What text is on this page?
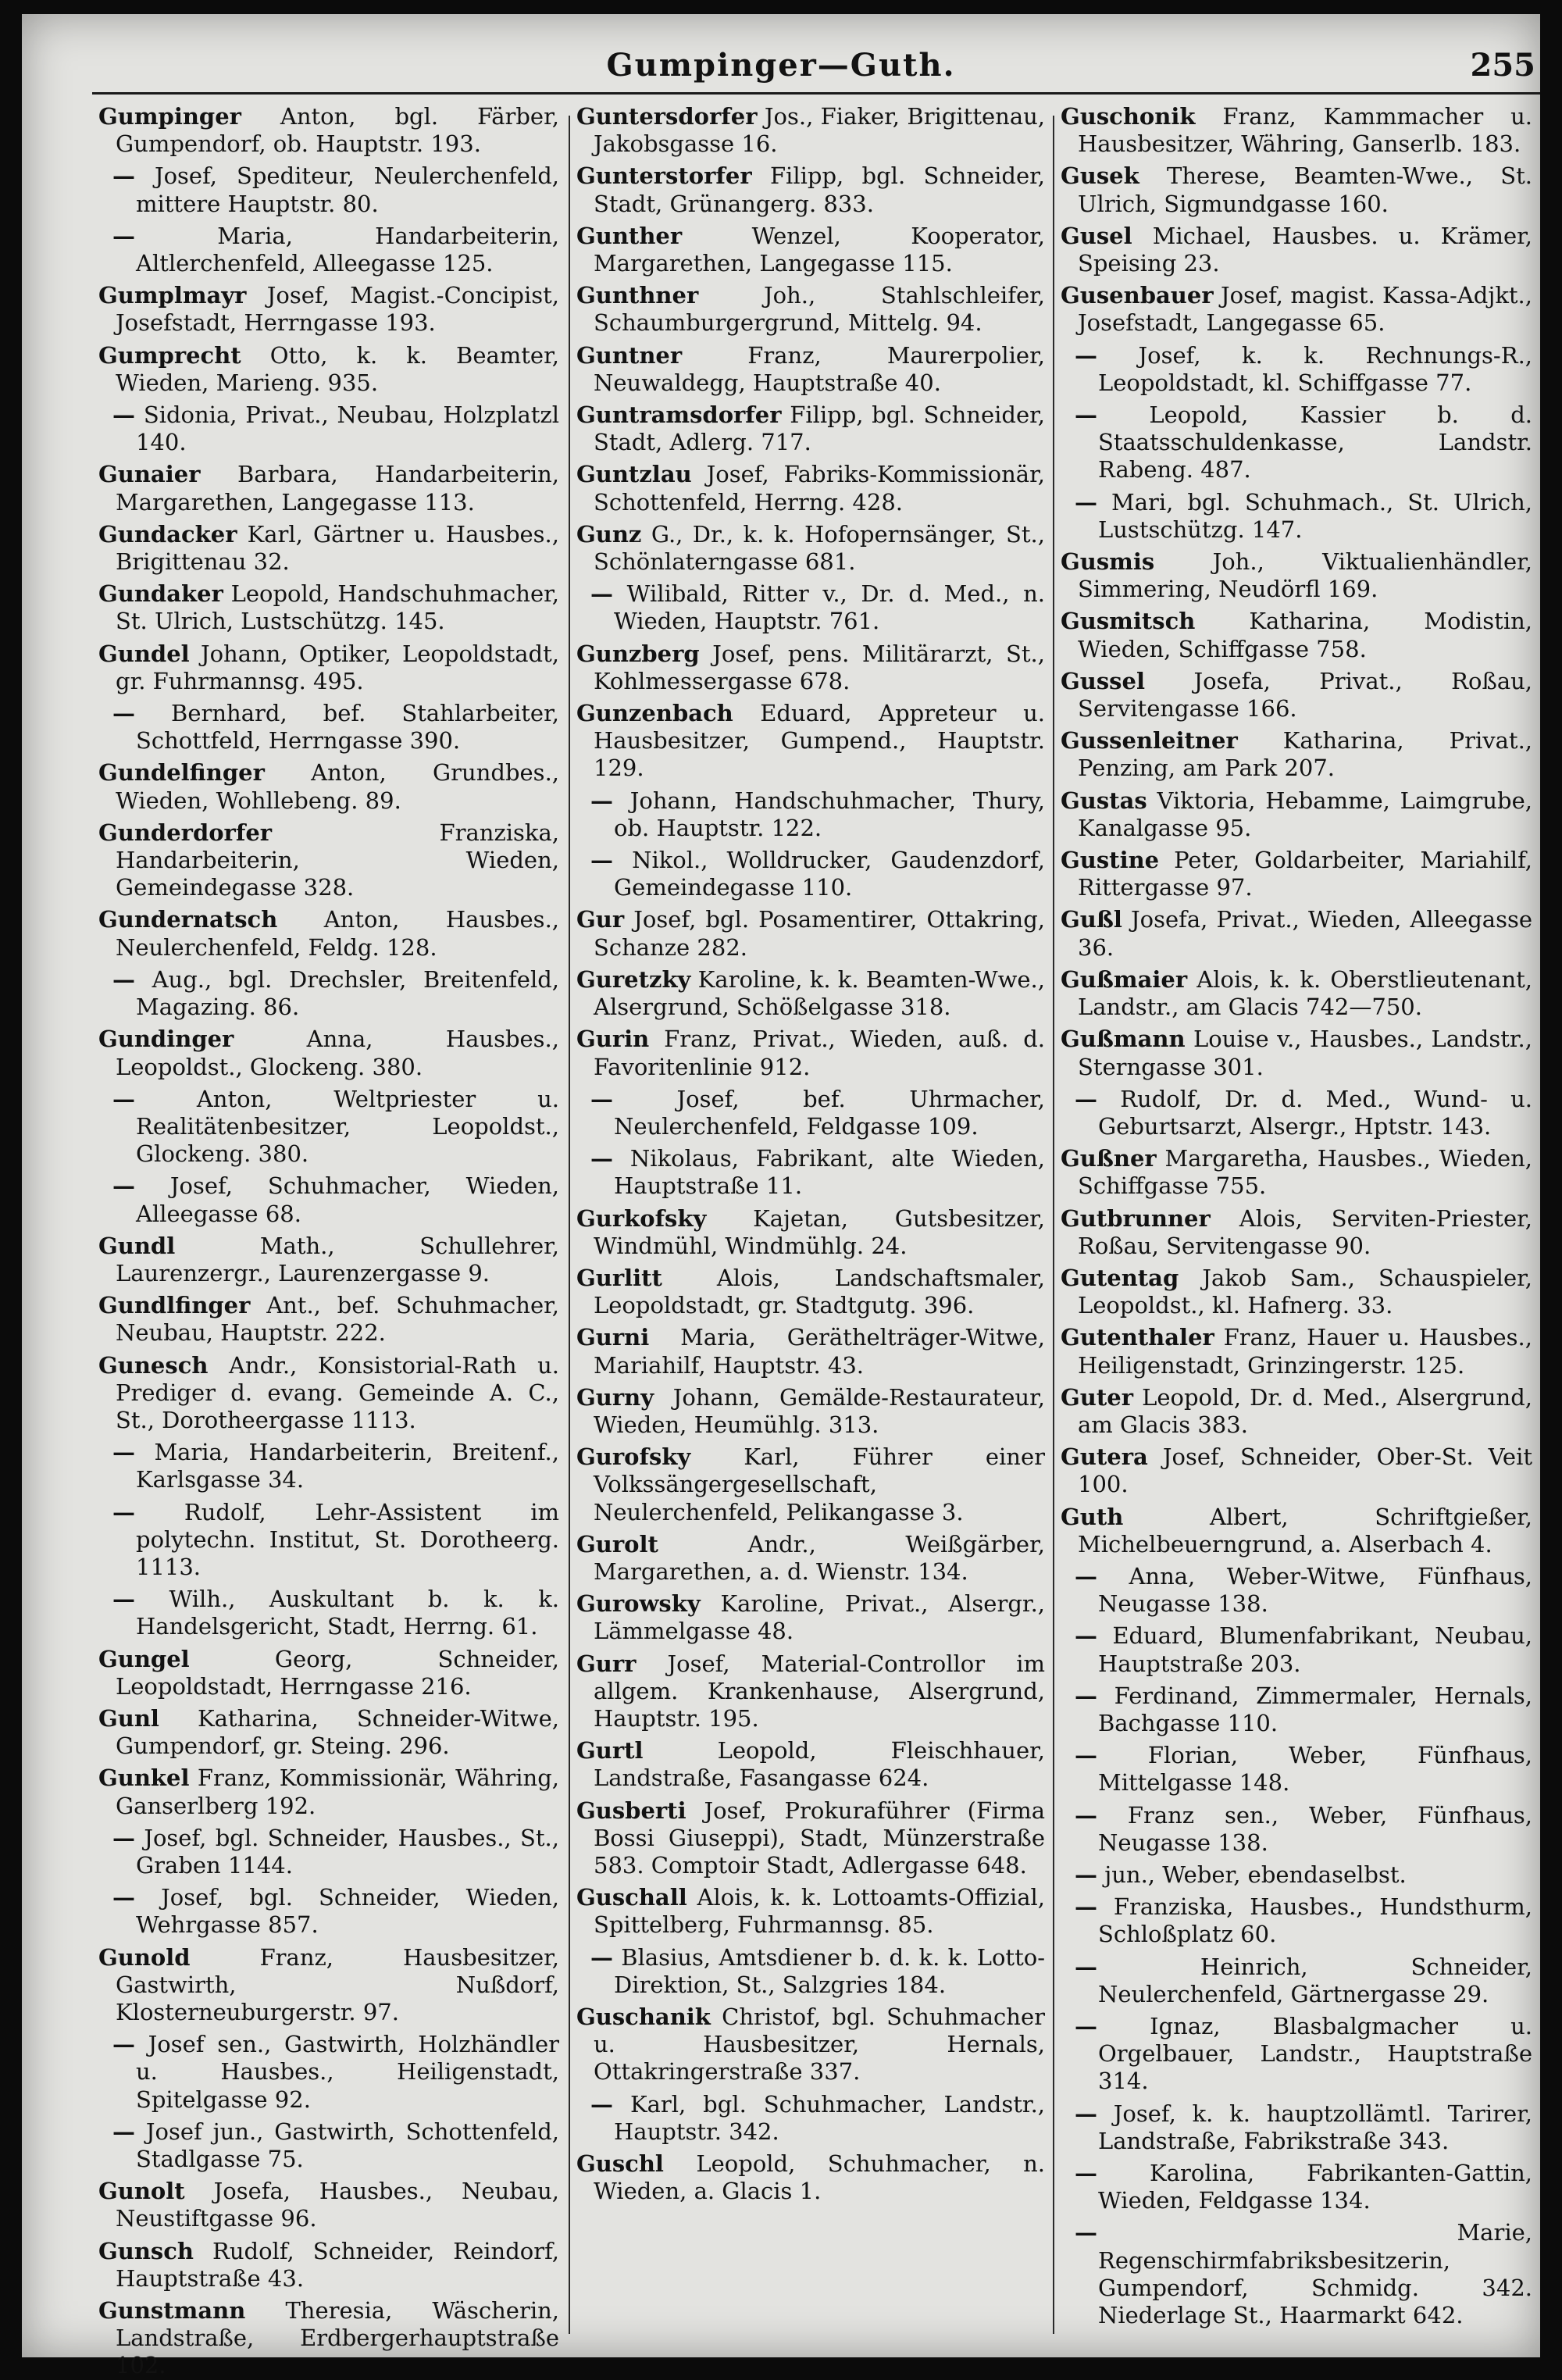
Gumpinger—Guth.	255
Gumpinger Anton, bgl. Färber, Gumpendorf, ob. Hauptstr. 193.
— Josef, Spediteur, Neulerchenfeld, mittere Hauptstr. 80.
—	Maria, Handarbeiterin, Altlerchenfeld, Alleegasse 125.
Gumplmayr Josef, Magist.-Concipist, Josefstadt, Herrngasse 193.
Gumprecht Otto, k. k. Beamter, Wieden, Marieng. 935.
— Sidonia, Privat., Neubau, Holzplatzl 140.
Gunaier Barbara, Handarbeiterin, Margarethen, Langegasse 113.
Gundacker Karl, Gärtner u. Hausbes., Brigittenau 32.
Gundaker Leopold, Handschuhmacher, St. Ulrich, Lustschützg. 145.
Gundel Johann, Optiker, Leopoldstadt, gr. Fuhrmannsg. 495.
— Bernhard, bef. Stahlarbeiter, Schottfeld, Herrngasse 390.
Gundelfinger Anton, Grundbes., Wieden, Wohllebeng. 89.
Gunderdorfer	Franziska, Handarbeiterin, Wieden, Gemeindegasse 328.
Gundernatsch Anton, Hausbes., Neulerchenfeld, Feldg. 128.
— Aug., bgl. Drechsler, Breitenfeld, Magazing. 86.
Gundinger	Anna, Hausbes., Leopoldst., Glockeng. 380.
—	Anton, Weltpriester u. Realitätenbesitzer, Leopoldst., Glockeng. 380.
— Josef, Schuhmacher, Wieden, Alleegasse 68.
Gundl	Math., Schullehrer, Laurenzergr., Laurenzergasse 9.
Gundlfinger Ant., bef. Schuhmacher, Neubau, Hauptstr. 222.
Gunesch Andr., Konsistorial-Rath u. Prediger d. evang. Gemeinde A. C., St., Dorotheergasse 1113.
— Maria, Handarbeiterin, Breitenf., Karlsgasse 34.
— Rudolf, Lehr-Assistent im polytechn. Institut, St. Dorotheerg. 1113.
— Wilh., Auskultant b. k. k. Handelsgericht, Stadt, Herrng. 61.
Gungel	Georg, Schneider, Leopoldstadt, Herrngasse 216.
Gunl Katharina, Schneider-Witwe, Gumpendorf, gr. Steing. 296.
Gunkel Franz, Kommissionär, Währing, Ganserlberg 192.
— Josef, bgl. Schneider, Hausbes., St., Graben 1144.
— Josef, bgl. Schneider, Wieden, Wehrgasse 857.
Gunold	Franz, Hausbesitzer, Gastwirth, Nußdorf, Klosterneuburgerstr. 97.
— Josef sen., Gastwirth, Holzhändler u. Hausbes., Heiligenstadt, Spitelgasse 92.
— Josef jun., Gastwirth, Schottenfeld, Stadlgasse 75.
Gunolt Josefa, Hausbes., Neubau, Neustiftgasse 96.
Gunsch Rudolf, Schneider, Reindorf, Hauptstraße 43.
Gunstmann Theresia, Wäscherin, Landstraße, Erdbergerhauptstraße 102.
Guntersdorfer Jos., Fiaker, Brigittenau, Jakobsgasse 16.
Gunterstorfer Filipp, bgl. Schneider, Stadt, Grünangerg. 833.
Gunther	Wenzel, Kooperator, Margarethen, Langegasse 115.
Gunthner	Joh., Stahlschleifer, Schaumburgergrund, Mittelg. 94.
Guntner	Franz, Maurerpolier, Neuwaldegg, Hauptstraße 40.
Guntramsdorfer Filipp, bgl. Schneider, Stadt, Adlerg. 717.
Guntzlau Josef, Fabriks-Kommissionär, Schottenfeld, Herrng. 428.
Gunz G., Dr., k. k. Hofopernsänger, St., Schönlaterngasse 681.
— Wilibald, Ritter v., Dr. d. Med., n. Wieden, Hauptstr. 761.
Gunzberg Josef, pens. Militärarzt, St., Kohlmessergasse 678.
Gunzenbach Eduard, Appreteur u. Hausbesitzer, Gumpend., Hauptstr. 129.
— Johann, Handschuhmacher, Thury, ob. Hauptstr. 122.
— Nikol., Wolldrucker, Gaudenzdorf, Gemeindegasse 110.
Gur Josef, bgl. Posamentirer, Ottakring, Schanze 282.
Guretzky Karoline, k. k. Beamten-Wwe., Alsergrund, Schößelgasse 318.
Gurin Franz, Privat., Wieden, auß. d. Favoritenlinie 912.
—	Josef, bef. Uhrmacher, Neulerchenfeld, Feldgasse 109.
— Nikolaus, Fabrikant, alte Wieden, Hauptstraße 11.
Gurkofsky Kajetan, Gutsbesitzer, Windmühl, Windmühlg. 24.
Gurlitt Alois, Landschaftsmaler, Leopoldstadt, gr. Stadtgutg. 396.
Gurni Maria, Geräthelträger-Witwe, Mariahilf, Hauptstr. 43.
Gurny Johann, Gemälde-Restaurateur, Wieden, Heumühlg. 313.
Gurofsky Karl, Führer einer Volkssängergesellschaft, Neulerchenfeld, Pelikangasse 3.
Gurolt	Andr., Weißgärber, Margarethen, a. d. Wienstr. 134.
Gurowsky Karoline, Privat., Alsergr., Lämmelgasse 48.
Gurr Josef, Material-Controllor im allgem. Krankenhause, Alsergrund, Hauptstr. 195.
Gurtl	Leopold, Fleischhauer, Landstraße, Fasangasse 624.
Gusberti Josef, Prokuraführer (Firma Bossi Giuseppi), Stadt, Münzerstraße 583. Comptoir Stadt, Adlergasse 648.
Guschall Alois, k. k. Lottoamts-Offizial, Spittelberg, Fuhrmannsg. 85.
— Blasius, Amtsdiener b. d. k. k. Lotto-Direktion, St., Salzgries 184.
Guschanik Christof, bgl. Schuhmacher u. Hausbesitzer, Hernals, Ottakringerstraße 337.
— Karl, bgl. Schuhmacher, Landstr., Hauptstr. 342.
Guschl Leopold, Schuhmacher, n. Wieden, a. Glacis 1.
Guschonik Franz, Kammmacher u. Hausbesitzer, Währing, Ganserlb. 183.
Gusek Therese, Beamten-Wwe., St. Ulrich, Sigmundgasse 160.
Gusel Michael, Hausbes. u. Krämer, Speising 23.
Gusenbauer Josef, magist. Kassa-Adjkt., Josefstadt, Langegasse 65.
— Josef, k. k. Rechnungs-R., Leopoldstadt, kl. Schiffgasse 77.
— Leopold, Kassier b. d. Staatsschuldenkasse, Landstr. Rabeng. 487.
— Mari, bgl. Schuhmach., St. Ulrich, Lustschützg. 147.
Gusmis	Joh., Viktualienhändler, Simmering, Neudörfl 169.
Gusmitsch Katharina, Modistin, Wieden, Schiffgasse 758.
Gussel Josefa, Privat., Roßau, Servitengasse 166.
Gussenleitner Katharina, Privat., Penzing, am Park 207.
Gustas Viktoria, Hebamme, Laimgrube, Kanalgasse 95.
Gustine Peter, Goldarbeiter, Mariahilf, Rittergasse 97.
Gußl Josefa, Privat., Wieden, Alleegasse 36.
Gußmaier Alois, k. k. Oberstlieutenant, Landstr., am Glacis 742—750.
Gußmann Louise v., Hausbes., Landstr., Sterngasse 301.
— Rudolf, Dr. d. Med., Wund- u. Geburtsarzt, Alsergr., Hptstr. 143.
Gußner Margaretha, Hausbes., Wieden, Schiffgasse 755.
Gutbrunner Alois, Serviten-Priester, Roßau, Servitengasse 90.
Gutentag Jakob Sam., Schauspieler, Leopoldst., kl. Hafnerg. 33.
Gutenthaler Franz, Hauer u. Hausbes., Heiligenstadt, Grinzingerstr. 125.
Guter Leopold, Dr. d. Med., Alsergrund, am Glacis 383.
Gutera Josef, Schneider, Ober-St. Veit 100.
Guth	Albert, Schriftgießer, Michelbeuerngrund, a. Alserbach 4.
— Anna, Weber-Witwe, Fünfhaus, Neugasse 138.
— Eduard, Blumenfabrikant, Neubau, Hauptstraße 203.
— Ferdinand, Zimmermaler, Hernals, Bachgasse 110.
— Florian, Weber, Fünfhaus, Mittelgasse 148.
— Franz sen., Weber, Fünfhaus, Neugasse 138.
— jun., Weber, ebendaselbst.
— Franziska, Hausbes., Hundsthurm, Schloßplatz 60.
—	Heinrich, Schneider, Neulerchenfeld, Gärtnergasse 29.
— Ignaz, Blasbalgmacher u. Orgelbauer, Landstr., Hauptstraße 314.
— Josef, k. k. hauptzollämtl. Tarirer, Landstraße, Fabrikstraße 343.
— Karolina, Fabrikanten-Gattin, Wieden, Feldgasse 134.
—	Marie, Regenschirmfabriksbesitzerin, Gumpendorf, Schmidg. 342. Niederlage St., Haarmarkt 642.
